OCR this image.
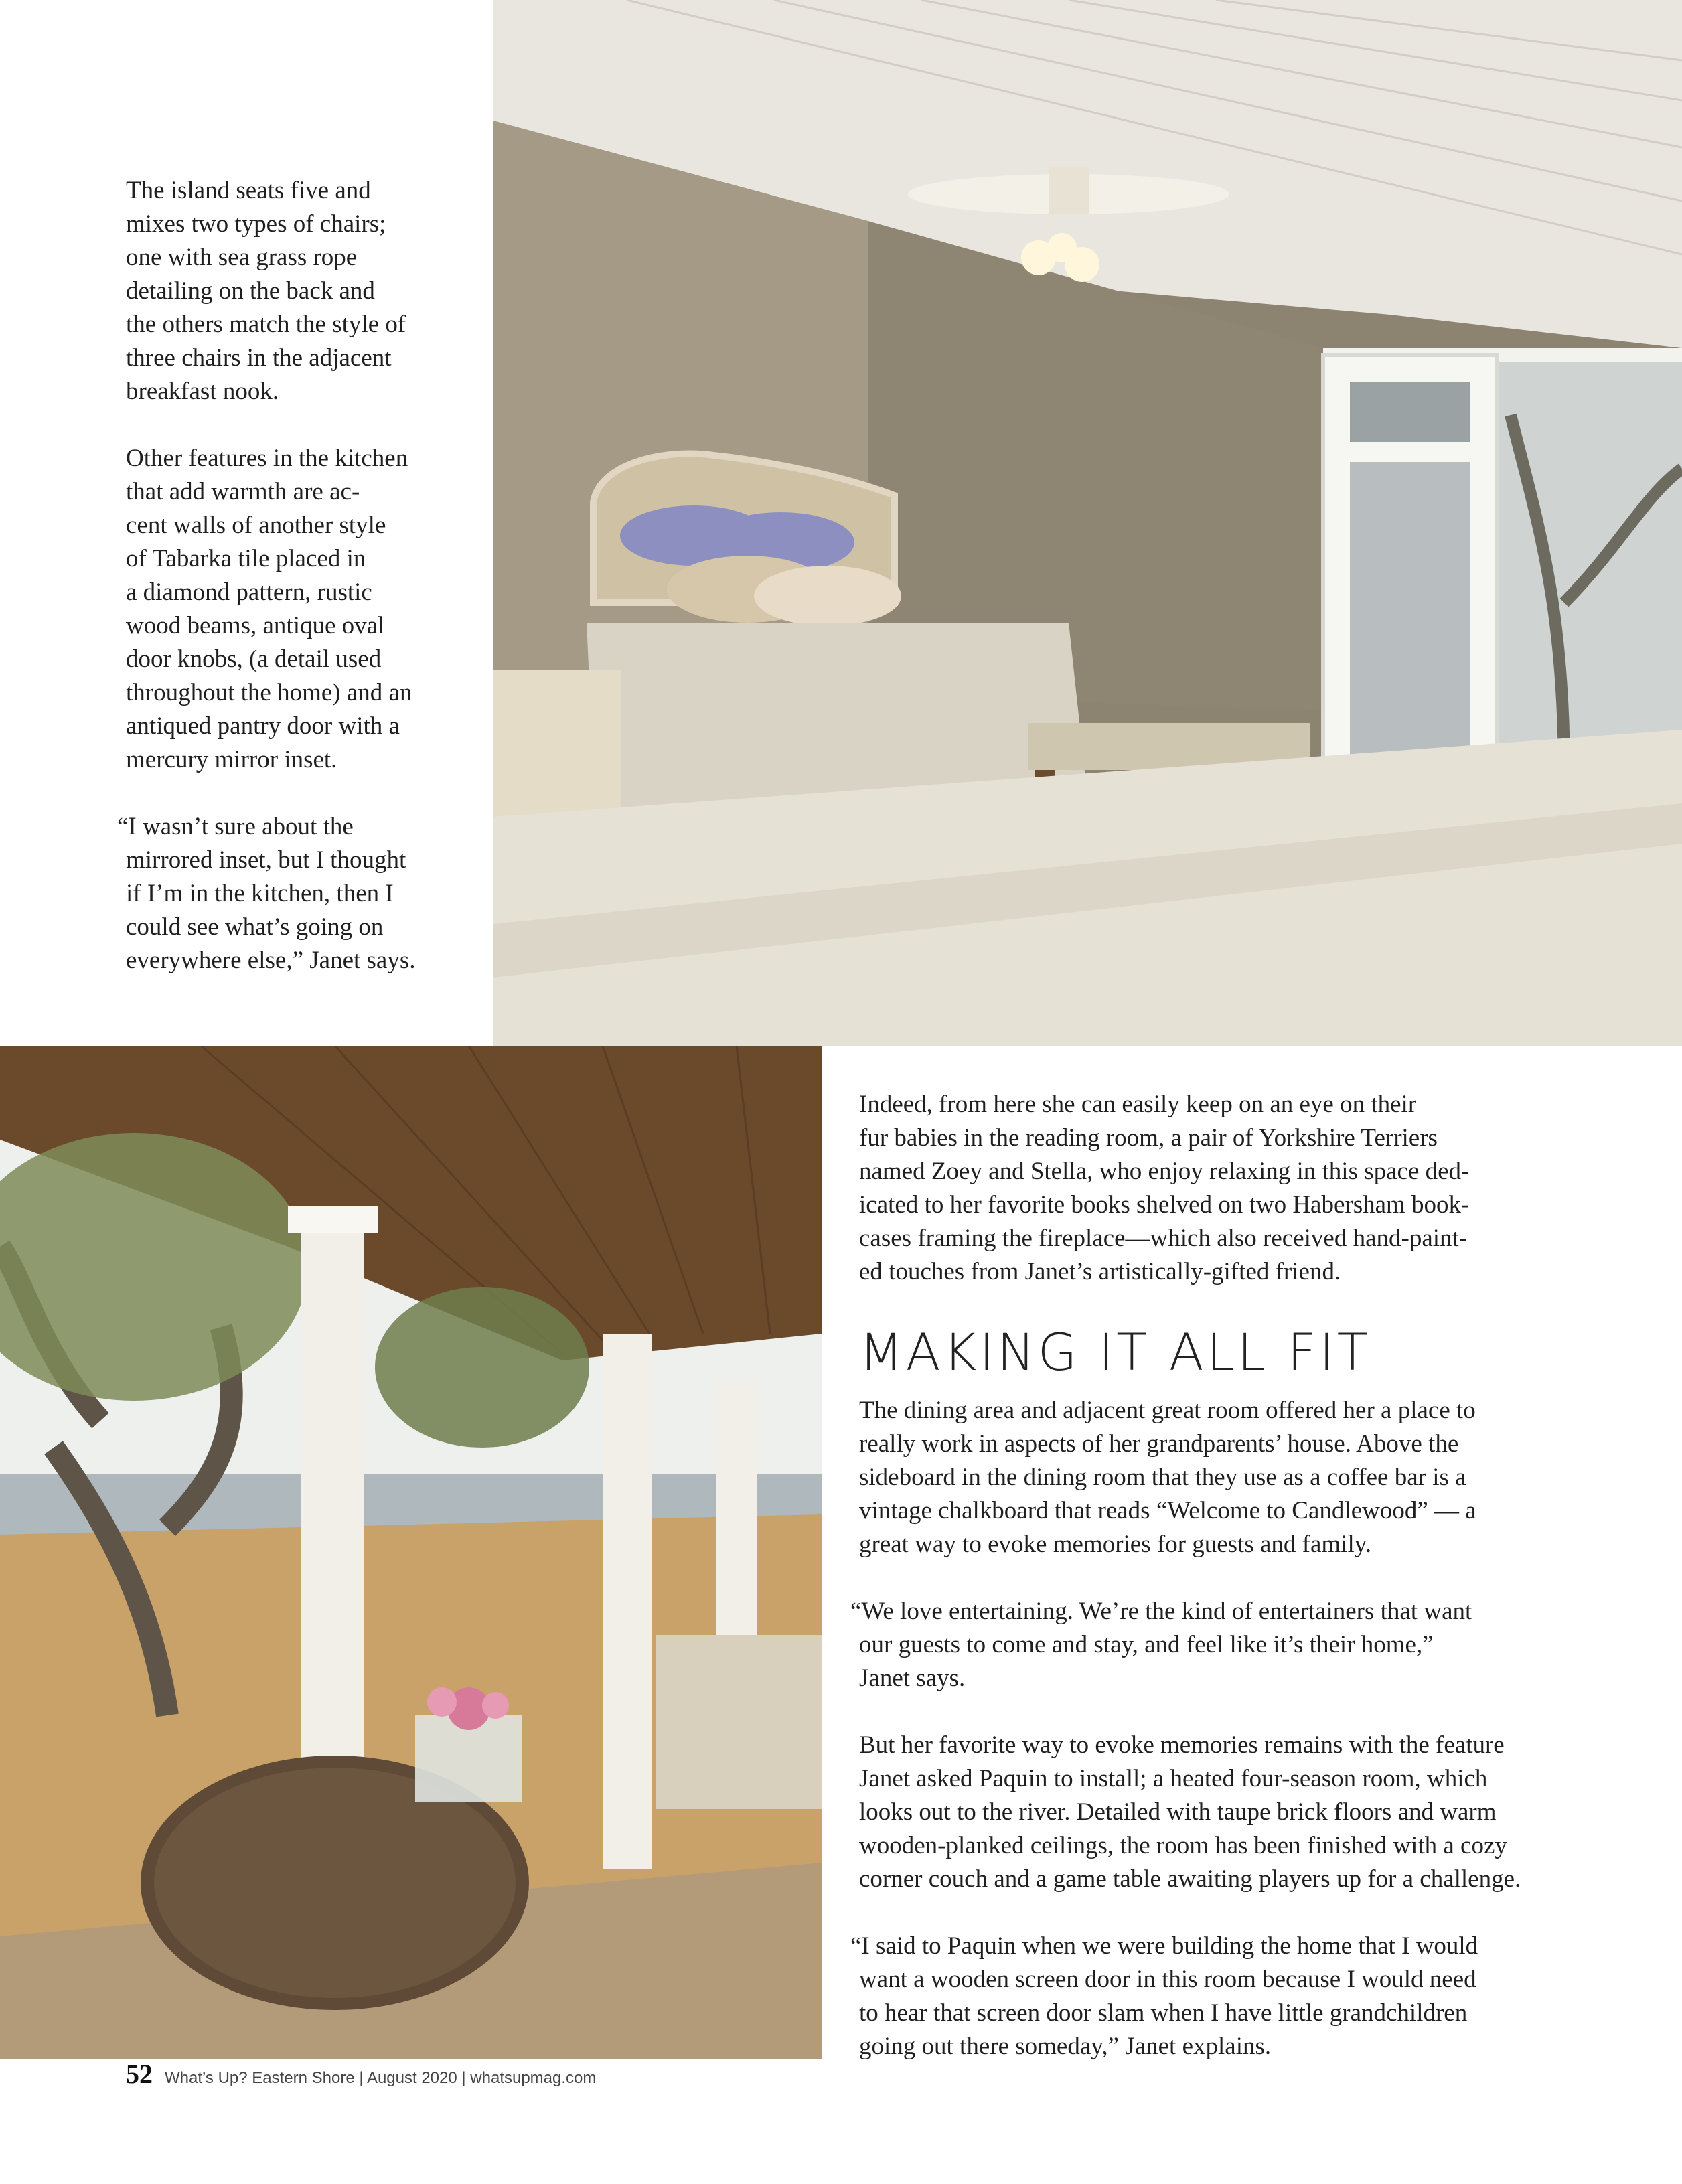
The island seats five and
mixes two types of chairs;
one with sea grass rope
detailing on the back and
the others match the style of
three chairs in the adjacent
breakfast nook.

Other features in the kitchen
that add warmth are ac-
cent walls of another style
of Tabarka tile placed in
a diamond pattern, rustic
wood beams, antique oval
door knobs, (a detail used
throughout the home) and an
antiqued pantry door with a
mercury mirror inset.

“I wasn’t sure about the
mirrored inset, but I thought
if I’m in the kitchen, then I
could see what’s going on
everywhere else,” Janet says.

Indeed, from here she can easily keep on an eye on their
fur babies in the reading room, a pair of Yorkshire Terriers
named Zoey and Stella, who enjoy relaxing in this space ded-
icated to her favorite books shelved on two Habersham book-
cases framing the fireplace—which also received hand-paint-
ed touches from Janet’s artistically-gifted friend.

MAKING IT ALL FIT

The dining area and adjacent great room offered her a place to
really work in aspects of her grandparents’ house. Above the
sideboard in the dining room that they use as a coffee bar is a
vintage chalkboard that reads “Welcome to Candlewood” — a
great way to evoke memories for guests and family.

“We love entertaining. We’re the kind of entertainers that want
our guests to come and stay, and feel like it’s their home,”
Janet says.

But her favorite way to evoke memories remains with the feature
Janet asked Paquin to install; a heated four-season room, which
looks out to the river. Detailed with taupe brick floors and warm
wooden-planked ceilings, the room has been finished with a cozy
corner couch and a game table awaiting players up for a challenge.

“I said to Paquin when we were building the home that I would
want a wooden screen door in this room because I would need
to hear that screen door slam when I have little grandchildren
going out there someday,” Janet explains.

52 What’s Up? Eastern Shore | August 2020 | whatsupmag.com
